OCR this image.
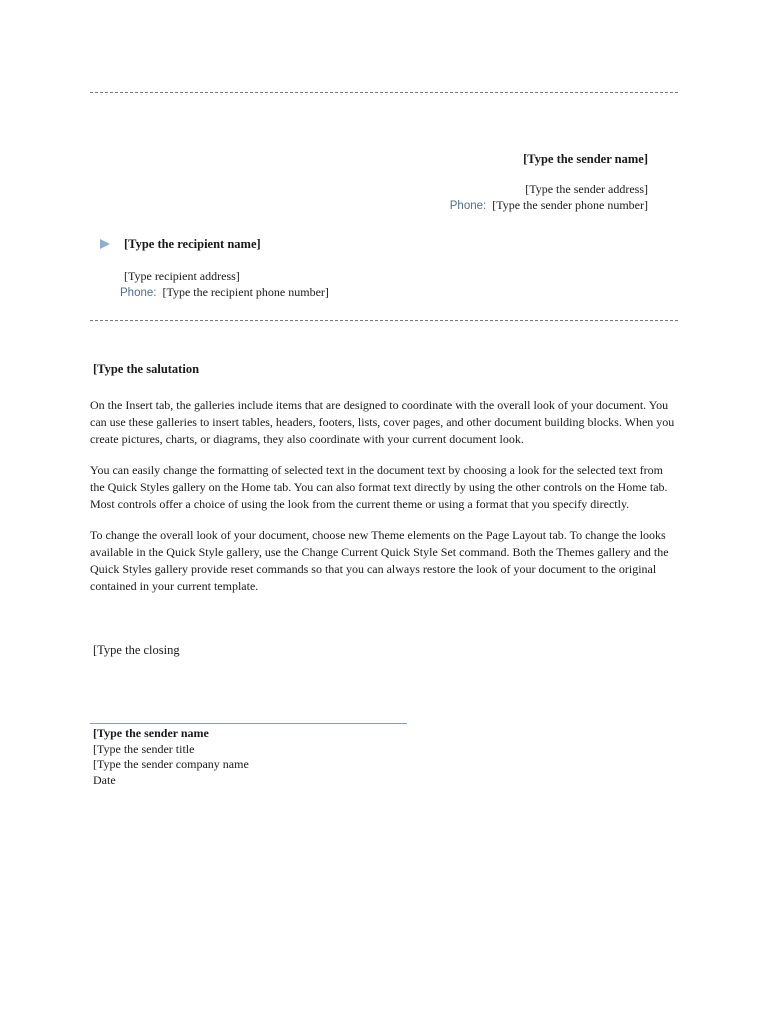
[Type the sender name]
[Type the sender address]
Phone: [Type the sender phone number]
[Type the recipient name]
[Type recipient address]
Phone: [Type the recipient phone number]
[Type the salutation

On the Insert tab, the galleries include items that are designed to coordinate with the overall look of your document. You can use these galleries to insert tables, headers, footers, lists, cover pages, and other document building blocks. When you create pictures, charts, or diagrams, they also coordinate with your current document look.

You can easily change the formatting of selected text in the document text by choosing a look for the selected text from the Quick Styles gallery on the Home tab. You can also format text directly by using the other controls on the Home tab. Most controls offer a choice of using the look from the current theme or using a format that you specify directly.

To change the overall look of your document, choose new Theme elements on the Page Layout tab. To change the looks available in the Quick Style gallery, use the Change Current Quick Style Set command. Both the Themes gallery and the Quick Styles gallery provide reset commands so that you can always restore the look of your document to the original contained in your current template.

[Type the closing
[Type the sender name
[Type the sender title
[Type the sender company name
Date
